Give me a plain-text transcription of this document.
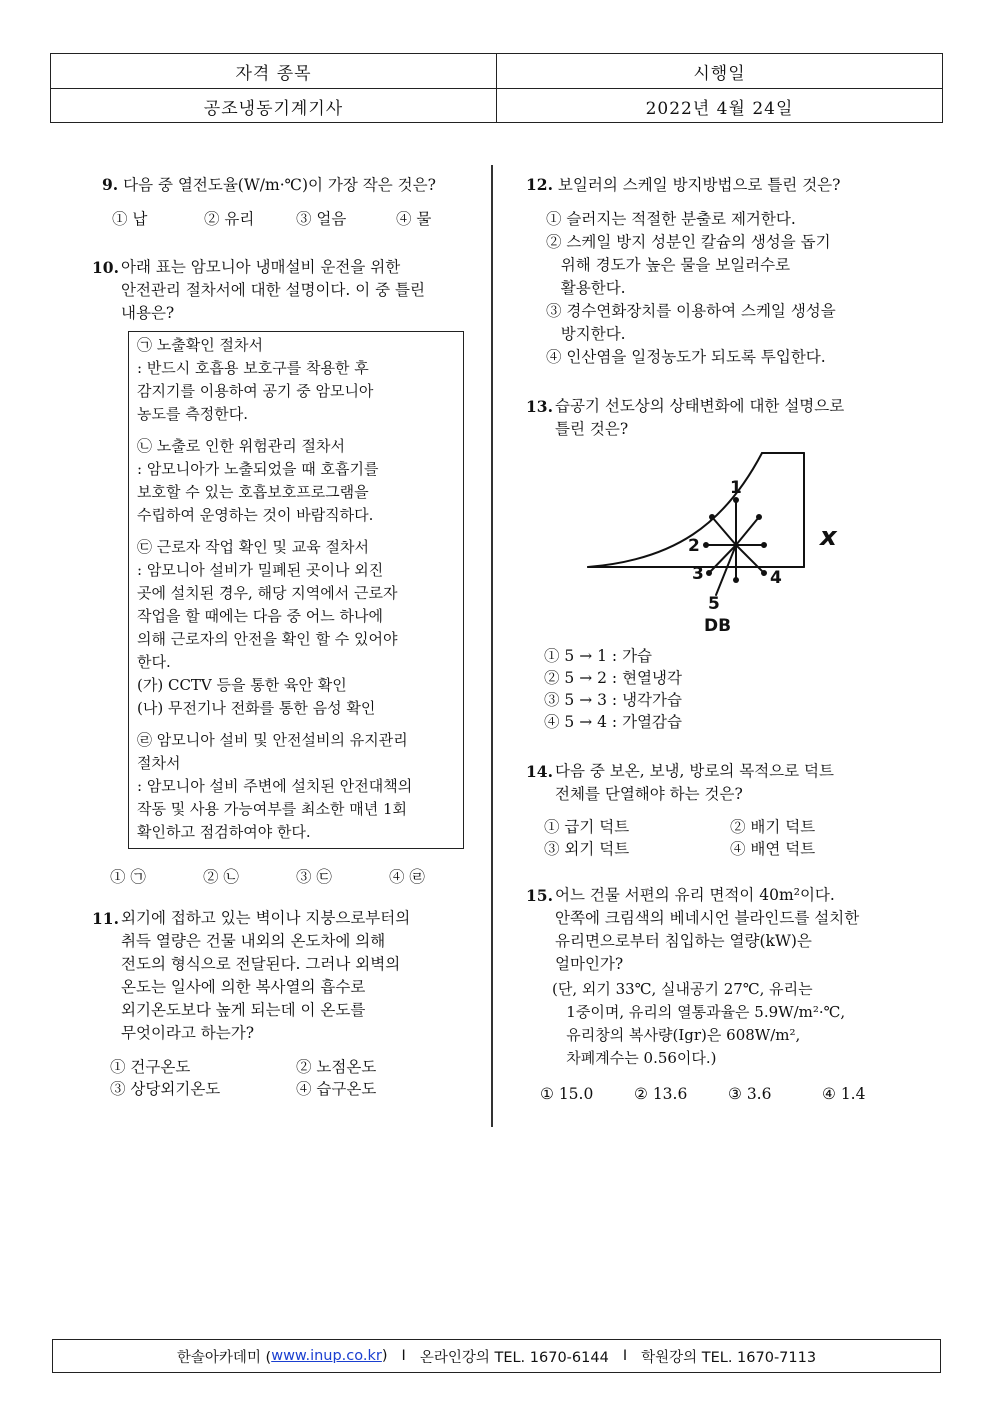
자격 종목	시행일
공조냉동기계기사	2022년 4월 24일
9. 다음 중 열전도율(W/m·℃)이 가장 작은 것은?
① 납	② 유리	③ 얼음	④ 물
10. 아래 표는 암모니아 냉매설비 운전을 위한
안전관리 절차서에 대한 설명이다. 이 중 틀린
내용은?
㉠ 노출확인 절차서
: 반드시 호흡용 보호구를 착용한 후
감지기를 이용하여 공기 중 암모니아
농도를 측정한다.
㉡ 노출로 인한 위험관리 절차서
: 암모니아가 노출되었을 때 호흡기를
보호할 수 있는 호흡보호프로그램을
수립하여 운영하는 것이 바람직하다.
㉢ 근로자 작업 확인 및 교육 절차서
: 암모니아 설비가 밀폐된 곳이나 외진
곳에 설치된 경우, 해당 지역에서 근로자
작업을 할 때에는 다음 중 어느 하나에
의해 근로자의 안전을 확인 할 수 있어야
한다.
(가) CCTV 등을 통한 육안 확인
(나) 무전기나 전화를 통한 음성 확인
㉣ 암모니아 설비 및 안전설비의 유지관리
절차서
: 암모니아 설비 주변에 설치된 안전대책의
작동 및 사용 가능여부를 최소한 매년 1회
확인하고 점검하여야 한다.
① ㉠	② ㉡	③ ㉢	④ ㉣
11. 외기에 접하고 있는 벽이나 지붕으로부터의
취득 열량은 건물 내외의 온도차에 의해
전도의 형식으로 전달된다. 그러나 외벽의
온도는 일사에 의한 복사열의 흡수로
외기온도보다 높게 되는데 이 온도를
무엇이라고 하는가?
① 건구온도	② 노점온도
③ 상당외기온도	④ 습구온도
12. 보일러의 스케일 방지방법으로 틀린 것은?
① 슬러지는 적절한 분출로 제거한다.
② 스케일 방지 성분인 칼슘의 생성을 돕기
위해 경도가 높은 물을 보일러수로
활용한다.
③ 경수연화장치를 이용하여 스케일 생성을
방지한다.
④ 인산염을 일정농도가 되도록 투입한다.
13. 습공기 선도상의 상태변화에 대한 설명으로
틀린 것은?
1
2
3	4
5
DB
x
① 5 → 1 : 가습
② 5 → 2 : 현열냉각
③ 5 → 3 : 냉각가습
④ 5 → 4 : 가열감습
14. 다음 중 보온, 보냉, 방로의 목적으로 덕트
전체를 단열해야 하는 것은?
① 급기 덕트	② 배기 덕트
③ 외기 덕트	④ 배연 덕트
15. 어느 건물 서편의 유리 면적이 40m²이다.
안쪽에 크림색의 베네시언 블라인드를 설치한
유리면으로부터 침입하는 열량(kW)은
얼마인가?
(단, 외기 33℃, 실내공기 27℃, 유리는
1중이며, 유리의 열통과율은 5.9W/m²·℃,
유리창의 복사량(Igr)은 608W/m²,
차폐계수는 0.56이다.)
① 15.0	② 13.6	③ 3.6	④ 1.4
한솔아카데미 ( www.inup.co.kr ) I 온라인강의 TEL. 1670-6144 I 학원강의 TEL. 1670-7113
